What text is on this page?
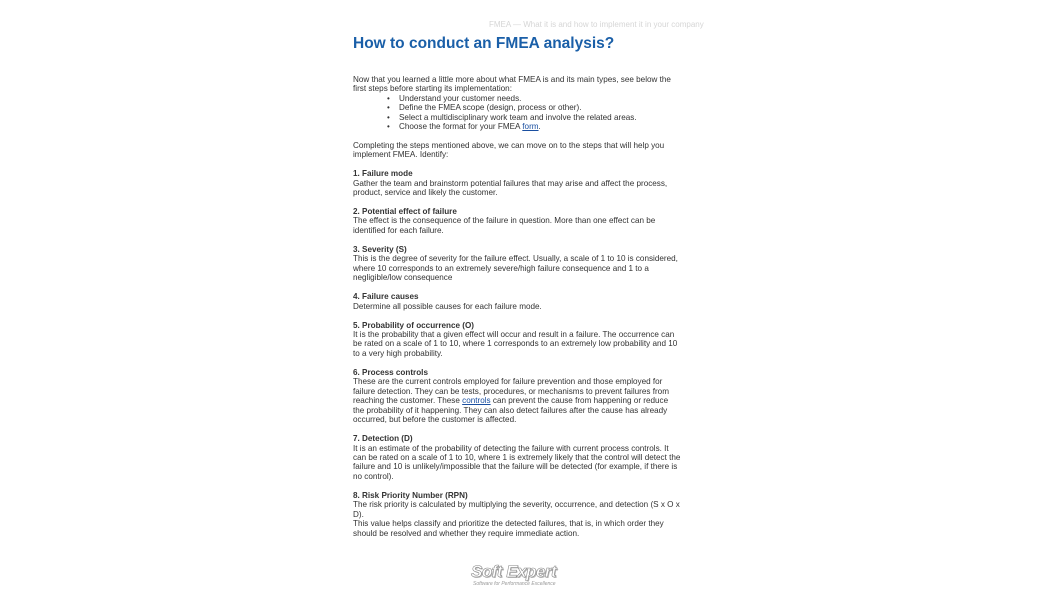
FMEA — What it is and how to implement it in your company
How to conduct an FMEA analysis?

Now that you learned a little more about what FMEA is and its main types, see below the first steps before starting its implementation:

• Understand your customer needs.
• Define the FMEA scope (design, process or other).
• Select a multidisciplinary work team and involve the related areas.
• Choose the format for your FMEA form.

Completing the steps mentioned above, we can move on to the steps that will help you implement FMEA. Identify:

1. Failure mode

Gather the team and brainstorm potential failures that may arise and affect the process, product, service and likely the customer.

2. Potential effect of failure

The effect is the consequence of the failure in question. More than one effect can be identified for each failure.

3. Severity (S)

This is the degree of severity for the failure effect. Usually, a scale of 1 to 10 is considered, where 10 corresponds to an extremely severe/high failure consequence and 1 to a negligible/low consequence

4. Failure causes

Determine all possible causes for each failure mode.

5. Probability of occurrence (O)

It is the probability that a given effect will occur and result in a failure. The occurrence can be rated on a scale of 1 to 10, where 1 corresponds to an extremely low probability and 10 to a very high probability.

6. Process controls

These are the current controls employed for failure prevention and those employed for failure detection. They can be tests, procedures, or mechanisms to prevent failures from reaching the customer. These controls can prevent the cause from happening or reduce the probability of it happening. They can also detect failures after the cause has already occurred, but before the customer is affected.

7. Detection (D)

It is an estimate of the probability of detecting the failure with current process controls. It can be rated on a scale of 1 to 10, where 1 is extremely likely that the control will detect the failure and 10 is unlikely/impossible that the failure will be detected (for example, if there is no control).

8. Risk Priority Number (RPN)

The risk priority is calculated by multiplying the severity, occurrence, and detection (S x O x D).

This value helps classify and prioritize the detected failures, that is, in which order they should be resolved and whether they require immediate action.

Soft Expert
Software for Performance Excellence
